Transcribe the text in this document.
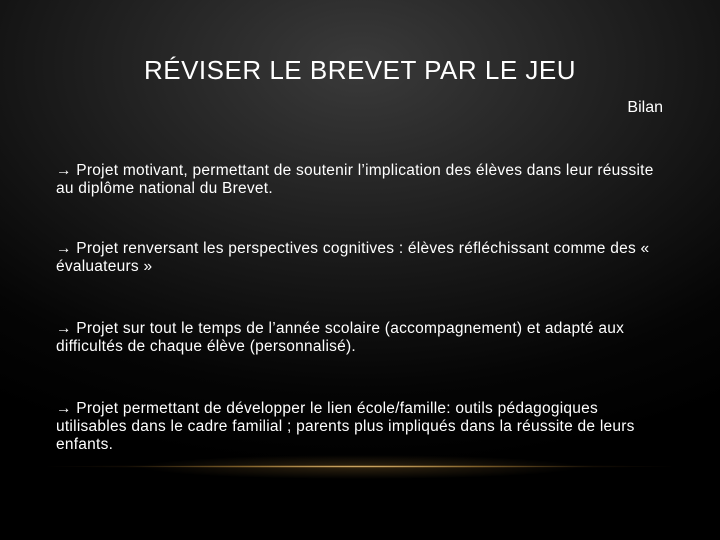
RÉVISER LE BREVET PAR LE JEU

Bilan

→ Projet motivant, permettant de soutenir l’implication des élèves dans leur réussite au diplôme national du Brevet.

→ Projet renversant les perspectives cognitives : élèves réfléchissant comme des « évaluateurs »

→ Projet sur tout le temps de l’année scolaire (accompagnement) et adapté aux difficultés de chaque élève (personnalisé).

→ Projet permettant de développer le lien école/famille: outils pédagogiques utilisables dans le cadre familial ; parents plus impliqués dans la réussite de leurs enfants.
